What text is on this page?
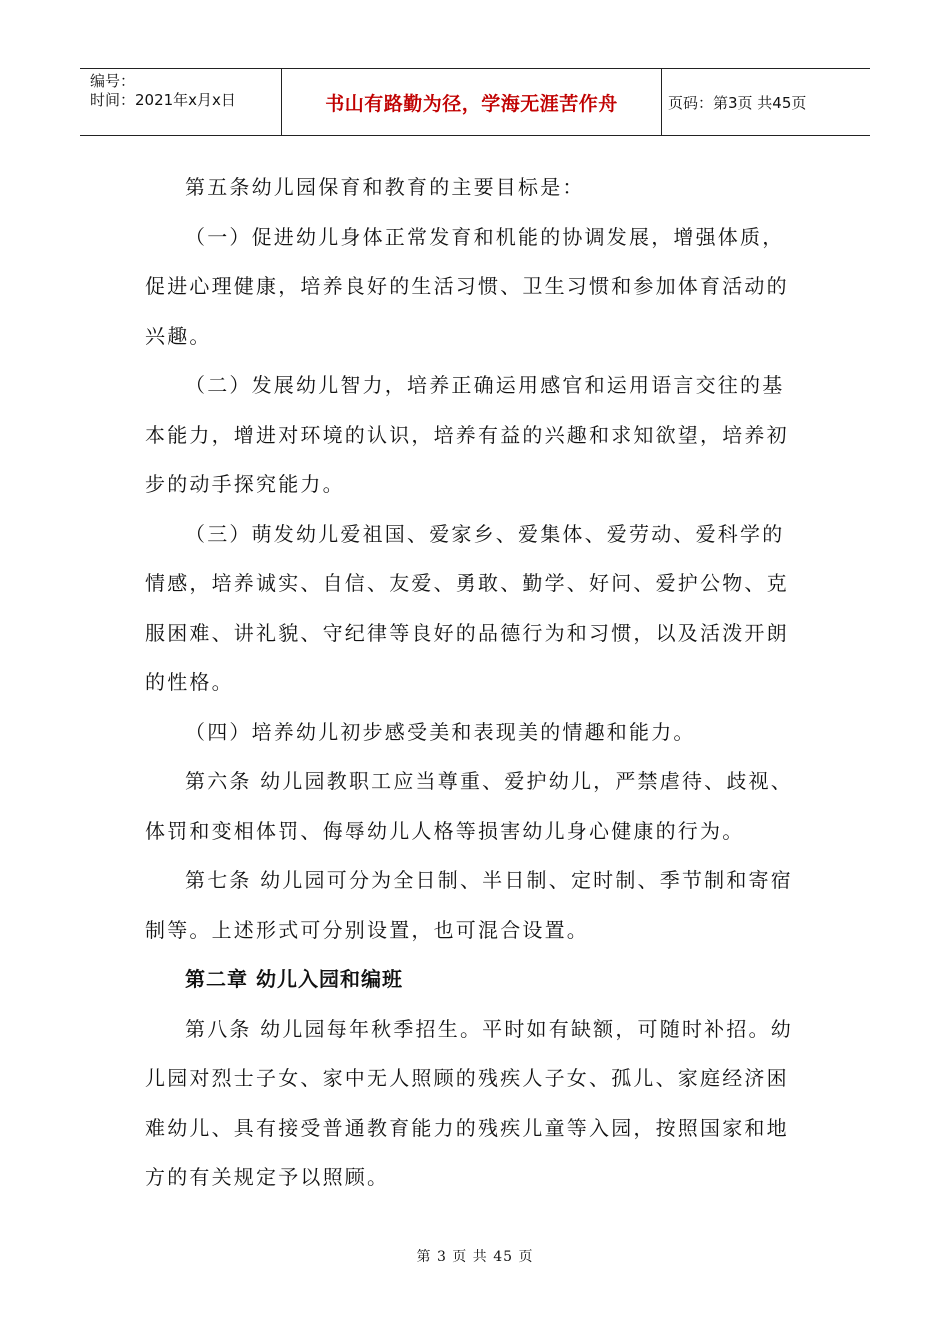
编号：
时间：2021年x月x日	书山有路勤为径，学海无涯苦作舟	页码：第3页 共45页

第五条幼儿园保育和教育的主要目标是：

（一）促进幼儿身体正常发育和机能的协调发展，增强体质，促进心理健康，培养良好的生活习惯、卫生习惯和参加体育活动的兴趣。

（二）发展幼儿智力，培养正确运用感官和运用语言交往的基本能力，增进对环境的认识，培养有益的兴趣和求知欲望，培养初步的动手探究能力。

（三）萌发幼儿爱祖国、爱家乡、爱集体、爱劳动、爱科学的情感，培养诚实、自信、友爱、勇敢、勤学、好问、爱护公物、克服困难、讲礼貌、守纪律等良好的品德行为和习惯，以及活泼开朗的性格。

（四）培养幼儿初步感受美和表现美的情趣和能力。

第六条 幼儿园教职工应当尊重、爱护幼儿，严禁虐待、歧视、体罚和变相体罚、侮辱幼儿人格等损害幼儿身心健康的行为。

第七条 幼儿园可分为全日制、半日制、定时制、季节制和寄宿制等。上述形式可分别设置，也可混合设置。

第二章 幼儿入园和编班

第八条 幼儿园每年秋季招生。平时如有缺额，可随时补招。幼儿园对烈士子女、家中无人照顾的残疾人子女、孤儿、家庭经济困难幼儿、具有接受普通教育能力的残疾儿童等入园，按照国家和地方的有关规定予以照顾。

第 3 页 共 45 页
